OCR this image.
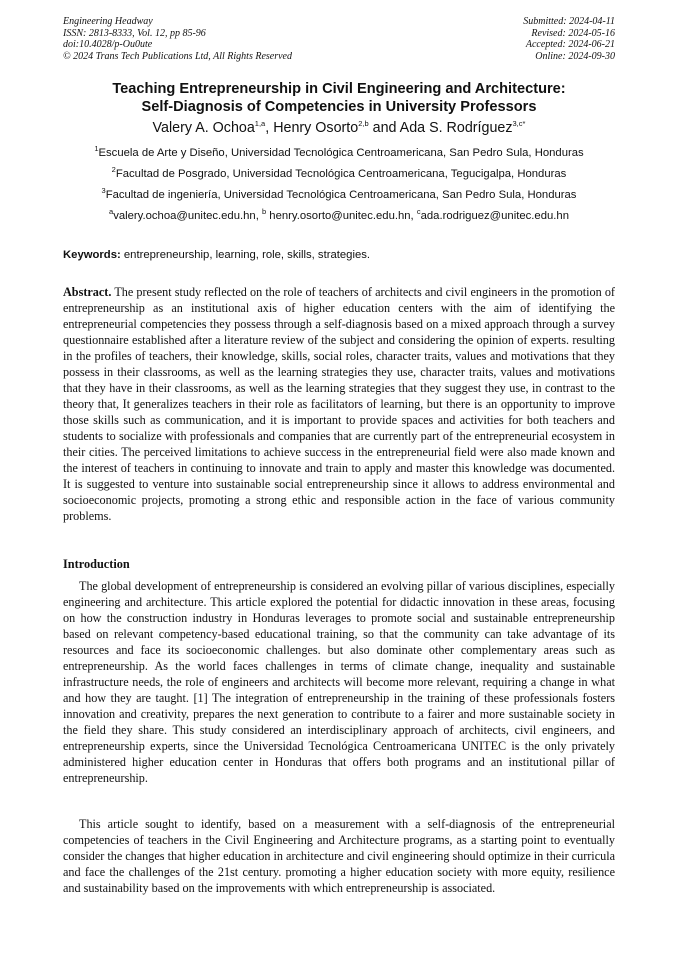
Engineering Headway
ISSN: 2813-8333, Vol. 12, pp 85-96
doi:10.4028/p-Ou0ute
© 2024 Trans Tech Publications Ltd, All Rights Reserved
Submitted: 2024-04-11
Revised: 2024-05-16
Accepted: 2024-06-21
Online: 2024-09-30
Teaching Entrepreneurship in Civil Engineering and Architecture:
Self-Diagnosis of Competencies in University Professors
Valery A. Ochoa$^{1,a}$, Henry Osorto$^{2,b}$ and Ada S. Rodríguez$^{3,c*}$
$^1$Escuela de Arte y Diseño, Universidad Tecnológica Centroamericana, San Pedro Sula, Honduras
$^2$Facultad de Posgrado, Universidad Tecnológica Centroamericana, Tegucigalpa, Honduras
$^3$Facultad de ingeniería, Universidad Tecnológica Centroamericana, San Pedro Sula, Honduras
$^a$valery.ochoa@unitec.edu.hn, $^b$ henry.osorto@unitec.edu.hn, $^c$ada.rodriguez@unitec.edu.hn
Keywords: entrepreneurship, learning, role, skills, strategies.
Abstract. The present study reflected on the role of teachers of architects and civil engineers in the promotion of entrepreneurship as an institutional axis of higher education centers with the aim of identifying the entrepreneurial competencies they possess through a self-diagnosis based on a mixed approach through a survey questionnaire established after a literature review of the subject and considering the opinion of experts. resulting in the profiles of teachers, their knowledge, skills, social roles, character traits, values and motivations that they possess in their classrooms, as well as the learning strategies they use, character traits, values and motivations that they have in their classrooms, as well as the learning strategies that they suggest they use, in contrast to the theory that, It generalizes teachers in their role as facilitators of learning, but there is an opportunity to improve those skills such as communication, and it is important to provide spaces and activities for both teachers and students to socialize with professionals and companies that are currently part of the entrepreneurial ecosystem in their cities. The perceived limitations to achieve success in the entrepreneurial field were also made known and the interest of teachers in continuing to innovate and train to apply and master this knowledge was documented. It is suggested to venture into sustainable social entrepreneurship since it allows to address environmental and socioeconomic projects, promoting a strong ethic and responsible action in the face of various community problems.
Introduction
The global development of entrepreneurship is considered an evolving pillar of various disciplines, especially engineering and architecture. This article explored the potential for didactic innovation in these areas, focusing on how the construction industry in Honduras leverages to promote social and sustainable entrepreneurship based on relevant competency-based educational training, so that the community can take advantage of its resources and face its socioeconomic challenges. but also dominate other complementary areas such as entrepreneurship. As the world faces challenges in terms of climate change, inequality and sustainable infrastructure needs, the role of engineers and architects will become more relevant, requiring a change in what and how they are taught. [1] The integration of entrepreneurship in the training of these professionals fosters innovation and creativity, prepares the next generation to contribute to a fairer and more sustainable society in the field they share. This study considered an interdisciplinary approach of architects, civil engineers, and entrepreneurship experts, since the Universidad Tecnológica Centroamericana UNITEC is the only privately administered higher education center in Honduras that offers both programs and an institutional pillar of entrepreneurship.
This article sought to identify, based on a measurement with a self-diagnosis of the entrepreneurial competencies of teachers in the Civil Engineering and Architecture programs, as a starting point to eventually consider the changes that higher education in architecture and civil engineering should optimize in their curricula and face the challenges of the 21st century. promoting a higher education society with more equity, resilience and sustainability based on the improvements with which entrepreneurship is associated.
